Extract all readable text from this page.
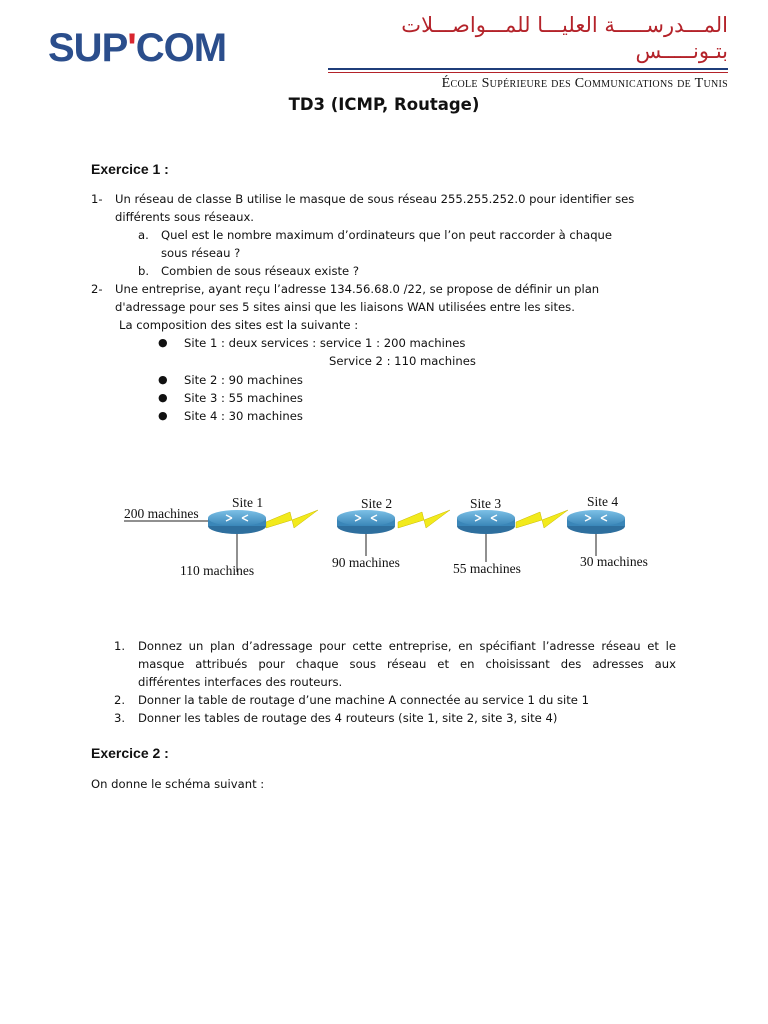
SUP'COM
المـــدرســـــة العليـــا للمـــواصـــلات بتـونـــــس
École Supérieure des Communications de Tunis
TD3 (ICMP, Routage)
Exercice 1 :
1- Un réseau de classe B utilise le masque de sous réseau 255.255.252.0 pour identifier ses
différents sous réseaux.
a. Quel est le nombre maximum d’ordinateurs que l’on peut raccorder à chaque
sous réseau ?
b. Combien de sous réseaux existe ?
2- Une entreprise, ayant reçu l’adresse 134.56.68.0 /22, se propose de définir un plan
d'adressage pour ses 5 sites ainsi que les liaisons WAN utilisées entre les sites.
La composition des sites est la suivante :
● Site 1 : deux services : service 1 : 200 machines
Service 2 : 110 machines
● Site 2 : 90 machines
● Site 3 : 55 machines
● Site 4 : 30 machines
Site 1	Site 2	Site 3	Site 4
200 machines
110 machines
90 machines	55 machines	30 machines
1. Donnez un plan d’adressage pour cette entreprise, en spécifiant l’adresse réseau et le
masque attribués pour chaque sous réseau et en choisissant des adresses aux
différentes interfaces des routeurs.
2. Donner la table de routage d’une machine A connectée au service 1 du site 1
3. Donner les tables de routage des 4 routeurs (site 1, site 2, site 3, site 4)
Exercice 2 :
On donne le schéma suivant :
